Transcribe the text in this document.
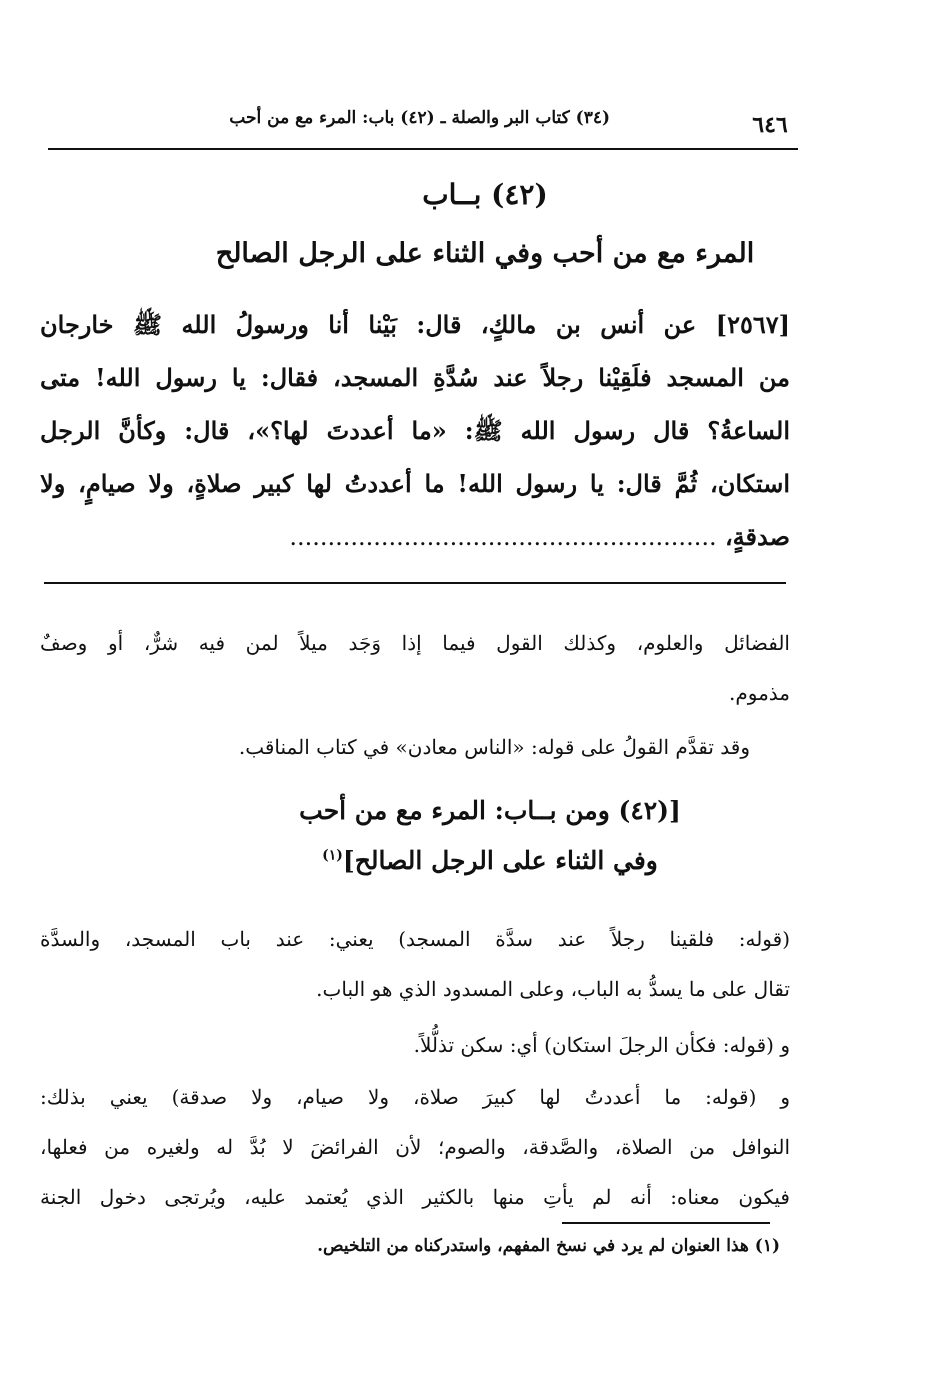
(٣٤) كتاب البر والصلة ـ (٤٢) باب: المرء مع من أحب	٦٤٦
(٤٢) بــاب
المرء مع من أحب وفي الثناء على الرجل الصالح
[٢٥٦٧] عن أنس بن مالكٍ، قال: بَيْنا أنا ورسولُ الله ﷺ خارجان
من المسجد فلَقِيْنا رجلاً عند سُدَّةِ المسجد، فقال: يا رسول الله! متى
الساعةُ؟ قال رسول الله ﷺ: «ما أعددتَ لها؟»، قال: وكأنَّ الرجل
استكان، ثُمَّ قال: يا رسول الله! ما أعددتُ لها كبير صلاةٍ، ولا صيامٍ، ولا
صدقةٍ، ........................................................
الفضائل والعلوم، وكذلك القول فيما إذا وَجَد ميلاً لمن فيه شرٌّ، أو وصفٌ
مذموم.
وقد تقدَّم القولُ على قوله: «الناس معادن» في كتاب المناقب.
[(٤٢) ومن بــاب: المرء مع من أحب
وفي الثناء على الرجل الصالح]$^{(١)}$
(قوله: فلقينا رجلاً عند سدَّة المسجد) يعني: عند باب المسجد، والسدَّة
تقال على ما يسدُّ به الباب، وعلى المسدود الذي هو الباب.
و (قوله: فكأن الرجلَ استكان) أي: سكن تذلُّلاً.
و (قوله: ما أعددتُ لها كبيرَ صلاة، ولا صيام، ولا صدقة) يعني بذلك:
النوافل من الصلاة، والصَّدقة، والصوم؛ لأن الفرائضَ لا بُدَّ له ولغيره من فعلها،
فيكون معناه: أنه لم يأتِ منها بالكثير الذي يُعتمد عليه، ويُرتجى دخول الجنة
(١) هذا العنوان لم يرد في نسخ المفهم، واستدركناه من التلخيص.
